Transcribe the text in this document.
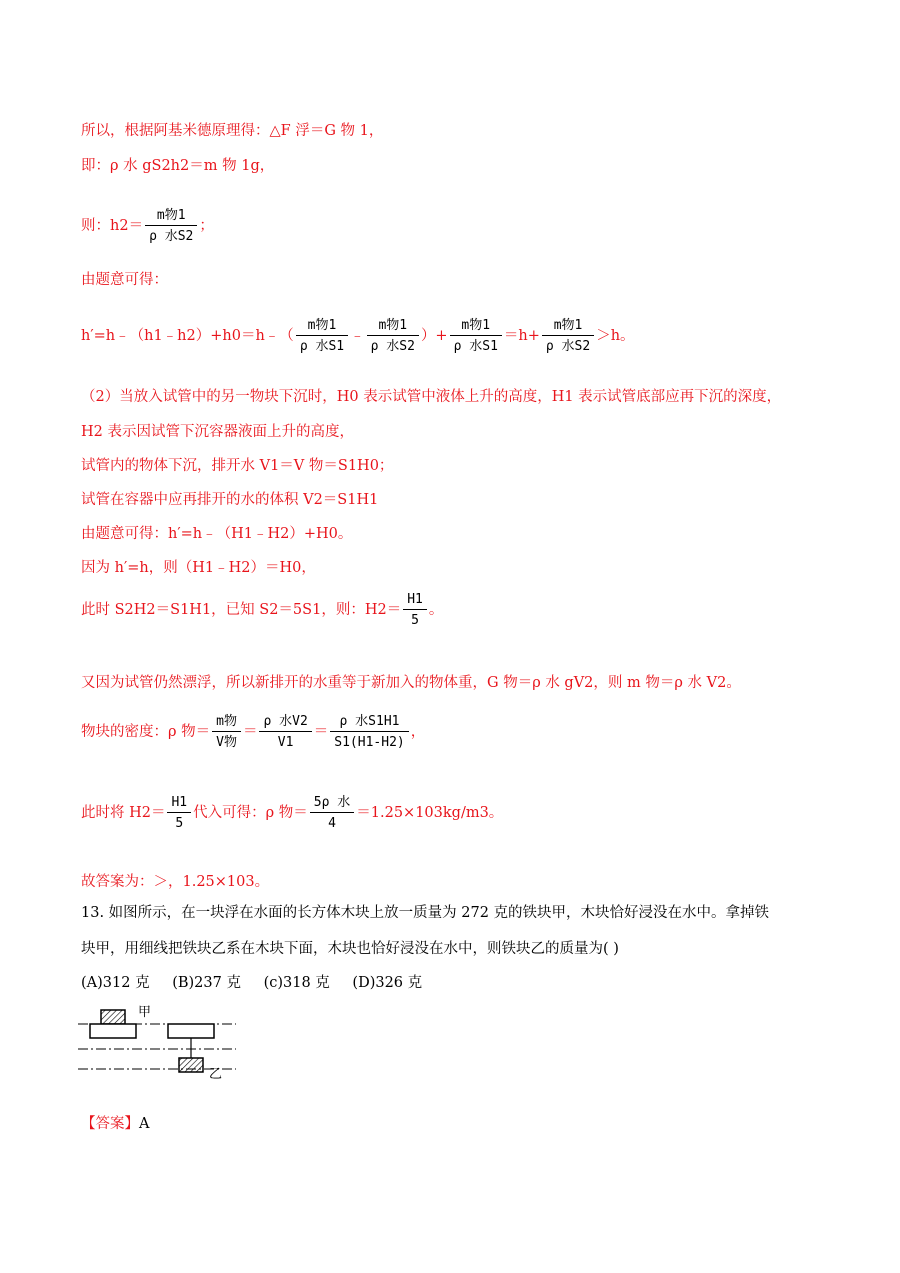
所以，根据阿基米德原理得：△F 浮＝G 物 1，
即：ρ 水 gS2h2＝m 物 1g，
则：$h2= \frac{\text{m物1}}{\text{ρ 水S2}}$ ；
由题意可得：
h′=h﹣（h1﹣h2）+h0＝h﹣（ $\frac{\text{m物1}}{\text{ρ 水S1}}$ ﹣ $\frac{\text{m物1}}{\text{ρ 水S2}}$ ）+ $\frac{\text{m物1}}{\text{ρ 水S1}} =h+ \frac{\text{m物1}}{\text{ρ 水S2}} >h$。
（2）当放入试管中的另一物块下沉时，H0 表示试管中液体上升的高度，H1 表示试管底部应再下沉的深度，
H2 表示因试管下沉容器液面上升的高度，
试管内的物体下沉，排开水 V1＝V 物＝S1H0；
试管在容器中应再排开的水的体积 V2＝S1H1
由题意可得：h′=h﹣（H1﹣H2）+H0。
因为 h′=h，则（H1﹣H2）＝H0，
此时 S2H2＝S1H1，已知 S2＝5S1，则：$H2= \frac{H1}{5}$ 。
又因为试管仍然漂浮，所以新排开的水重等于新加入的物体重，G 物＝ρ 水 gV2，则 m 物＝ρ 水 V2。
物块的密度：ρ 物＝ $\frac{\text{m物}}{\text{V物}} = \frac{\text{ρ 水V2}}{V1} = \frac{\text{ρ 水S1H1}}{S1(H1-H2)}$ ，
此时将 $H2= \frac{H1}{5}$ 代入可得：ρ 物＝ $\frac{\text{5ρ 水}}{4} =1.25\times 103kg/m3$。
故答案为：＞，1.25×103。
13. 如图所示，在一块浮在水面的长方体木块上放一质量为 272 克的铁块甲，木块恰好浸没在水中。拿掉铁
块甲，用细线把铁块乙系在木块下面，木块也恰好浸没在水中，则铁块乙的质量为( )
(A)312 克 (B)237 克 (c)318 克 (D)326 克
甲
乙
【答案】A
